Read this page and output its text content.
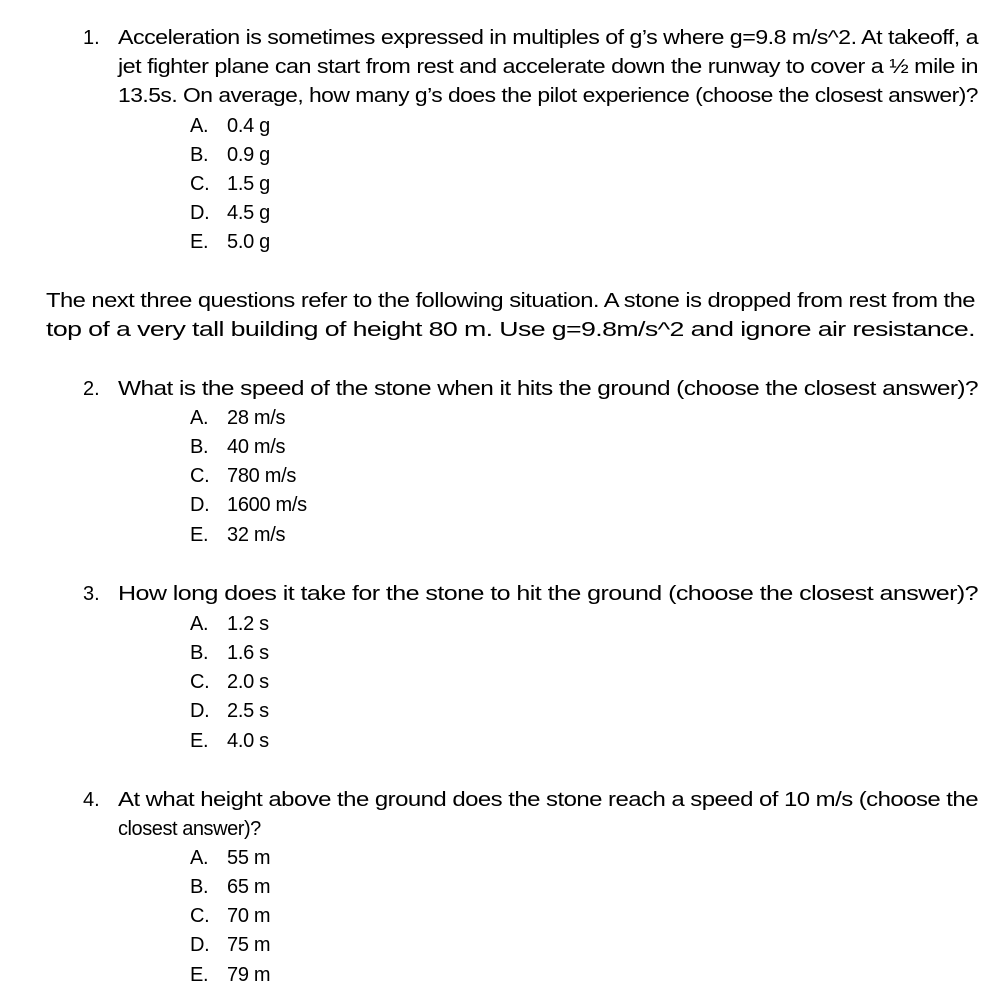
1. Acceleration is sometimes expressed in multiples of g’s where g=9.8 m/s^2. At takeoff, a
jet fighter plane can start from rest and accelerate down the runway to cover a ½ mile in
13.5s. On average, how many g’s does the pilot experience (choose the closest answer)?
A. 0.4 g
B. 0.9 g
C. 1.5 g
D. 4.5 g
E. 5.0 g
The next three questions refer to the following situation. A stone is dropped from rest from the
top of a very tall building of height 80 m. Use g=9.8m/s^2 and ignore air resistance.
2. What is the speed of the stone when it hits the ground (choose the closest answer)?
A. 28 m/s
B. 40 m/s
C. 780 m/s
D. 1600 m/s
E. 32 m/s
3. How long does it take for the stone to hit the ground (choose the closest answer)?
A. 1.2 s
B. 1.6 s
C. 2.0 s
D. 2.5 s
E. 4.0 s
4. At what height above the ground does the stone reach a speed of 10 m/s (choose the
closest answer)?
A. 55 m
B. 65 m
C. 70 m
D. 75 m
E. 79 m
